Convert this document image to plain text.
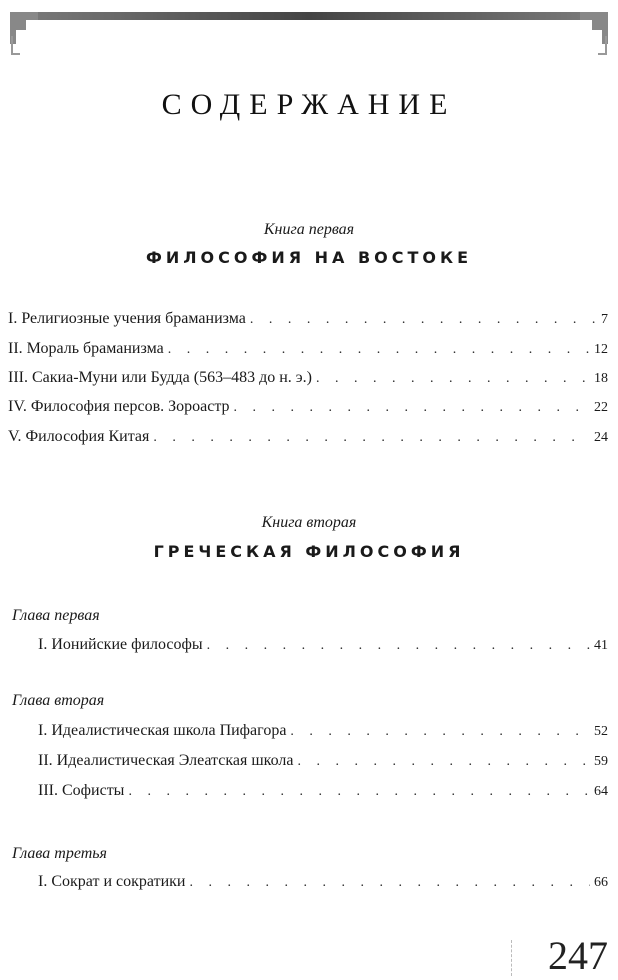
СОДЕРЖАНИЕ
Книга первая
ФИЛОСОФИЯ НА ВОСТОКЕ
I. Религиозные учения браманизма . . .	7
II. Мораль браманизма . . .	12
III. Сакиа-Муни или Будда (563–483 до н. э.) . . .	18
IV. Философия персов. Зороастр . . .	22
V. Философия Китая . . .	24
Книга вторая
ГРЕЧЕСКАЯ ФИЛОСОФИЯ
Глава первая
I. Ионийские философы . . .	41
Глава вторая
I. Идеалистическая школа Пифагора . . .	52
II. Идеалистическая Элеатская школа . . .	59
III. Софисты . . .	64
Глава третья
I. Сократ и сократики . . .	66
247
